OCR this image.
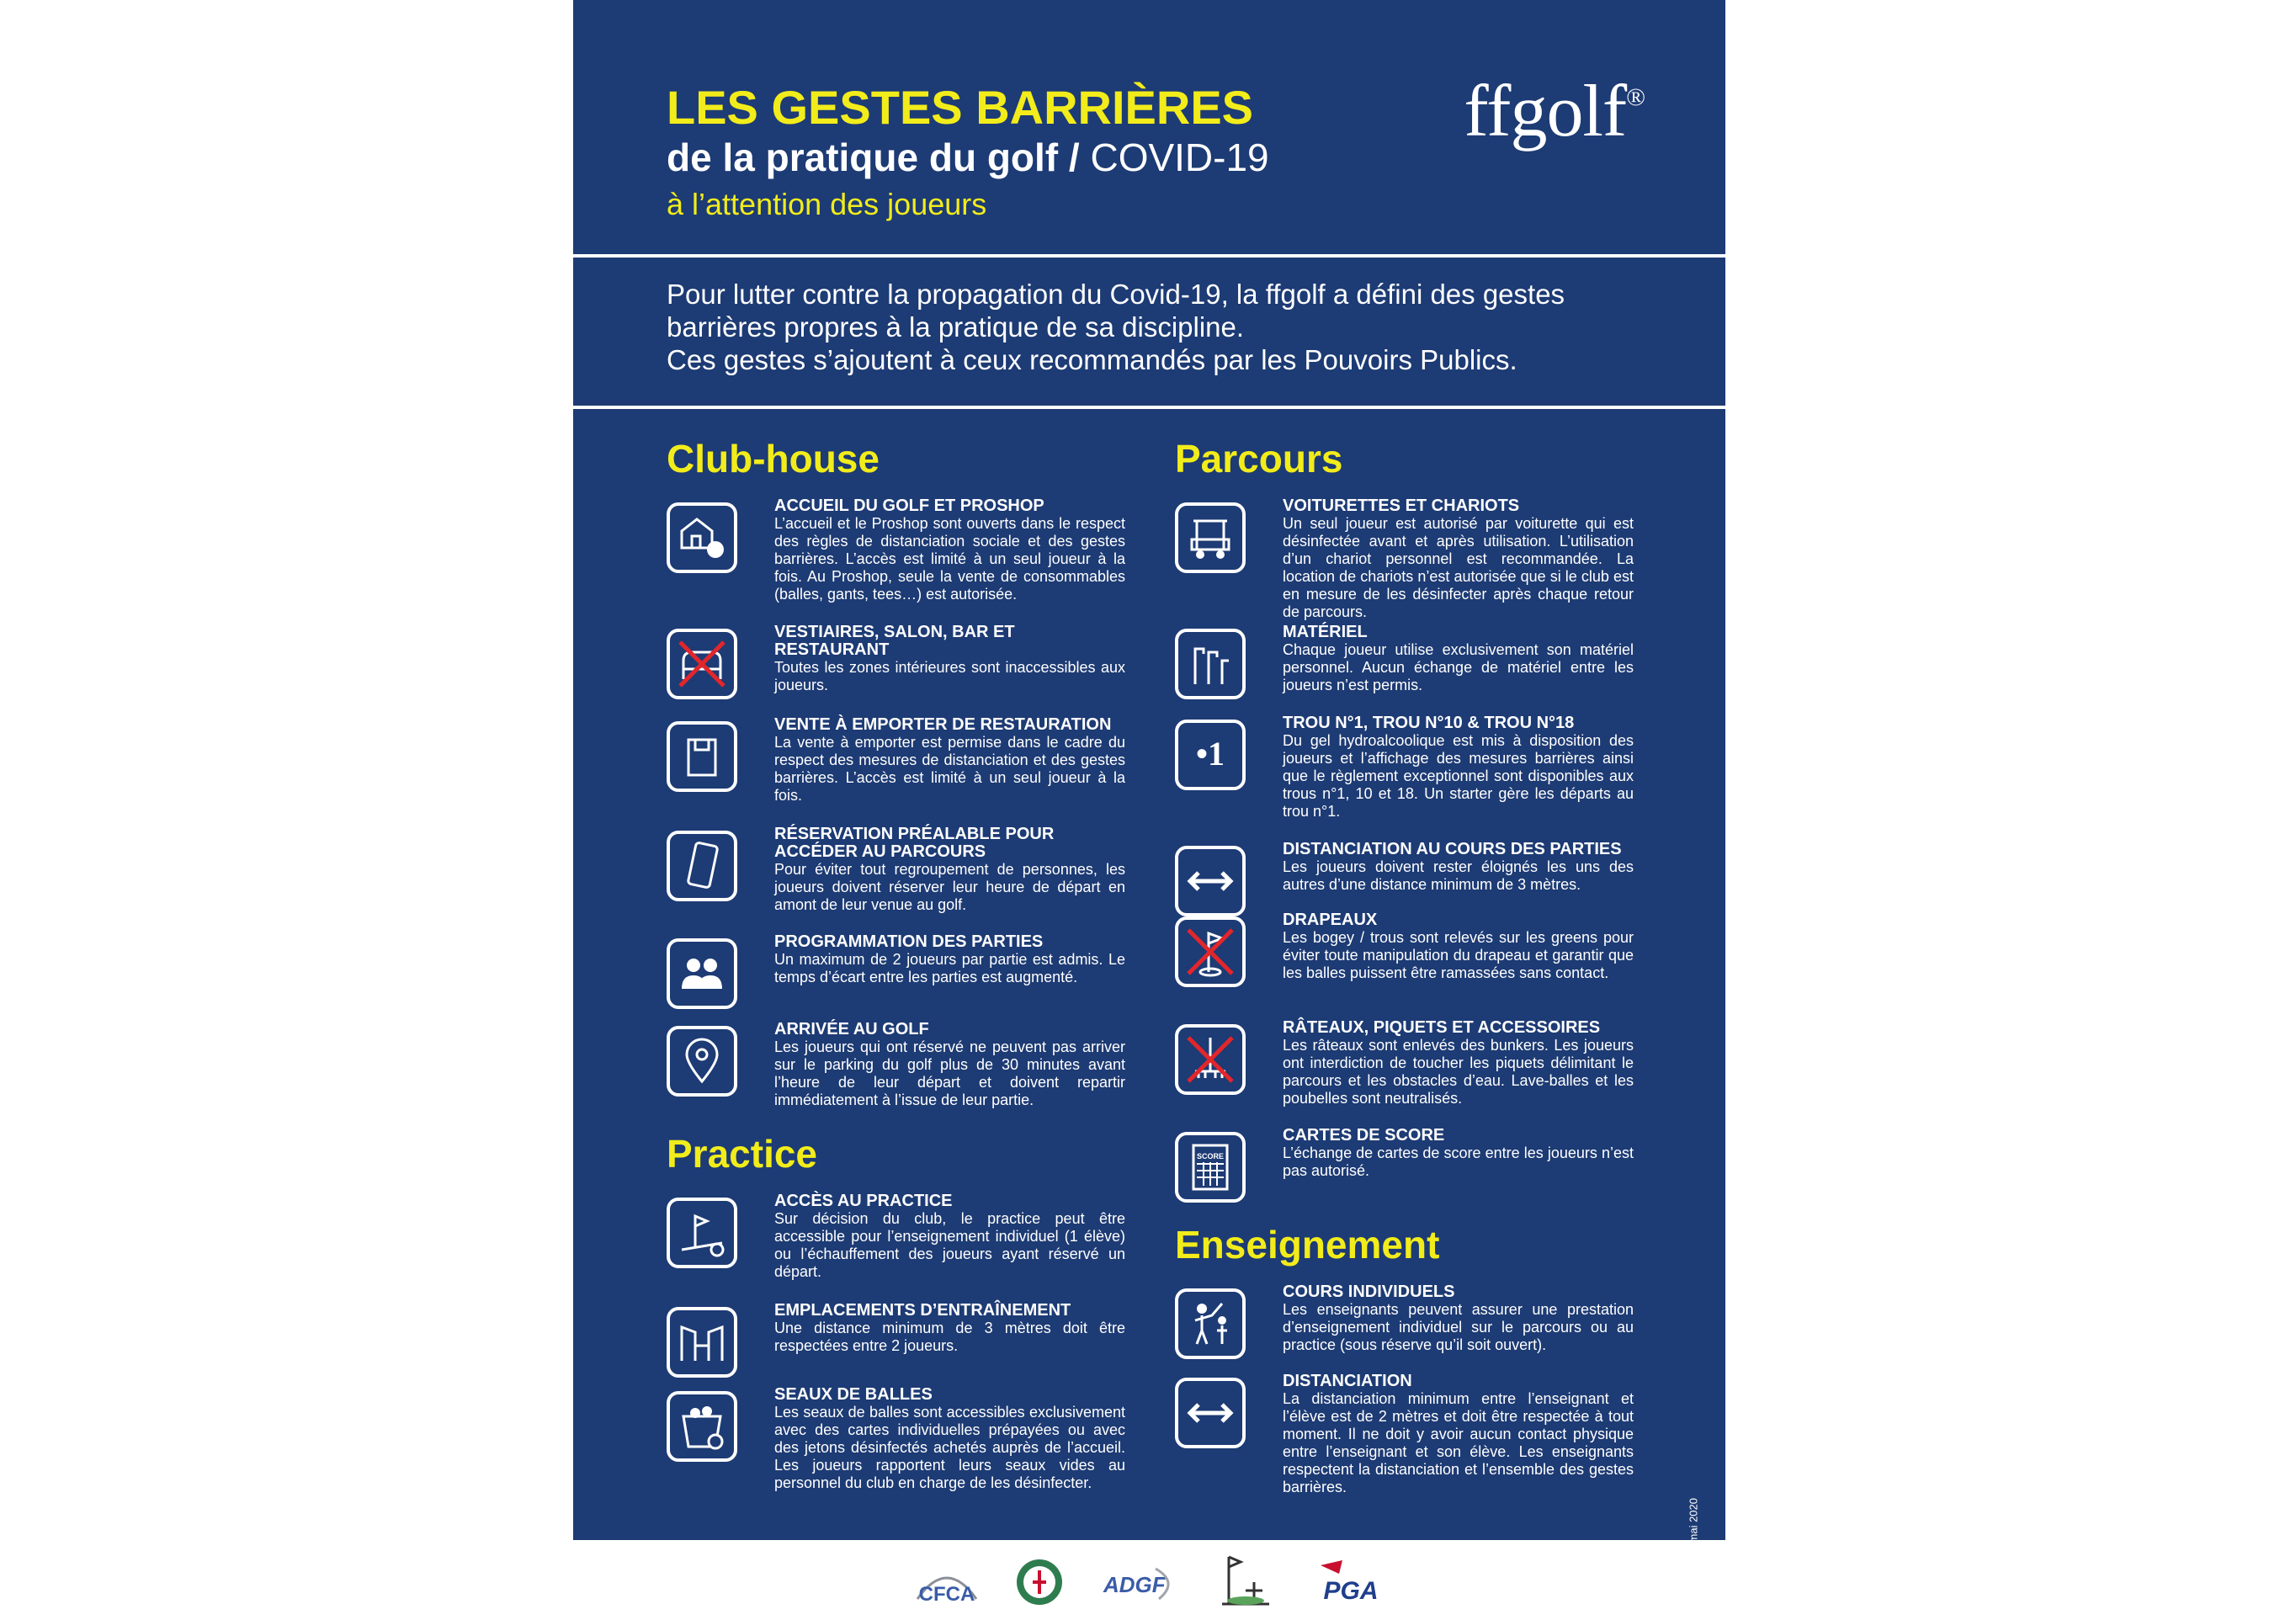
LES GESTES BARRIÈRES
de la pratique du golf / COVID-19
à l’attention des joueurs
ffgolf®
Pour lutter contre la propagation du Covid-19, la ffgolf a défini des gestes
barrières propres à la pratique de sa discipline.
Ces gestes s’ajoutent à ceux recommandés par les Pouvoirs Publics.
Club-house
ACCUEIL DU GOLF ET PROSHOP
L’accueil et le Proshop sont ouverts dans le respect des règles de distanciation sociale et des gestes barrières. L’accès est limité à un seul joueur à la fois. Au Proshop, seule la vente de consommables (balles, gants, tees…) est autorisée.
VESTIAIRES, SALON, BAR ET RESTAURANT
Toutes les zones intérieures sont inaccessibles aux joueurs.
VENTE À EMPORTER DE RESTAURATION
La vente à emporter est permise dans le cadre du respect des mesures de distanciation et des gestes barrières. L’accès est limité à un seul joueur à la fois.
RÉSERVATION PRÉALABLE POUR ACCÉDER AU PARCOURS
Pour éviter tout regroupement de personnes, les joueurs doivent réserver leur heure de départ en amont de leur venue au golf.
PROGRAMMATION DES PARTIES
Un maximum de 2 joueurs par partie est admis. Le temps d’écart entre les parties est augmenté.
ARRIVÉE AU GOLF
Les joueurs qui ont réservé ne peuvent pas arriver sur le parking du golf plus de 30 minutes avant l’heure de leur départ et doivent repartir immédiatement à l’issue de leur partie.
Practice
ACCÈS AU PRACTICE
Sur décision du club, le practice peut être accessible pour l’enseignement individuel (1 élève) ou l’échauffement des joueurs ayant réservé un départ.
EMPLACEMENTS D’ENTRAÎNEMENT
Une distance minimum de 3 mètres doit être respectées entre 2 joueurs.
SEAUX DE BALLES
Les seaux de balles sont accessibles exclusivement avec des cartes individuelles prépayées ou avec des jetons désinfectés achetés auprès de l’accueil. Les joueurs rapportent leurs seaux vides au personnel du club en charge de les désinfecter.
Parcours
VOITURETTES ET CHARIOTS
Un seul joueur est autorisé par voiturette qui est désinfectée avant et après utilisation. L’utilisation d’un chariot personnel est recommandée. La location de chariots n’est autorisée que si le club est en mesure de les désinfecter après chaque retour de parcours.
MATÉRIEL
Chaque joueur utilise exclusivement son matériel personnel. Aucun échange de matériel entre les joueurs n’est permis.
•1
TROU N°1, TROU N°10 & TROU N°18
Du gel hydroalcoolique est mis à disposition des joueurs et l’affichage des mesures barrières ainsi que le règlement exceptionnel sont disponibles aux trous n°1, 10 et 18. Un starter gère les départs au trou n°1.
DISTANCIATION AU COURS DES PARTIES
Les joueurs doivent rester éloignés les uns des autres d’une distance minimum de 3 mètres.
DRAPEAUX
Les bogey / trous sont relevés sur les greens pour éviter toute manipulation du drapeau et garantir que les balles puissent être ramassées sans contact.
RÂTEAUX, PIQUETS ET ACCESSOIRES
Les râteaux sont enlevés des bunkers. Les joueurs ont interdiction de toucher les piquets délimitant le parcours et les obstacles d’eau. Lave-balles et les poubelles sont neutralisés.
SCORE
CARTES DE SCORE
L’échange de cartes de score entre les joueurs n’est pas autorisé.
Enseignement
COURS INDIVIDUELS
Les enseignants peuvent assurer une prestation d’enseignement individuel sur le parcours ou au practice (sous réserve qu’il soit ouvert).
DISTANCIATION
La distanciation minimum entre l’enseignant et l’élève est de 2 mètres et doit être respectée à tout moment. Il ne doit y avoir aucun contact physique entre l’enseignant et son élève. Les enseignants respectent la distanciation et l’ensemble des gestes barrières.
©ffgolf - mai 2020
CFCA	ADGF	PGA
